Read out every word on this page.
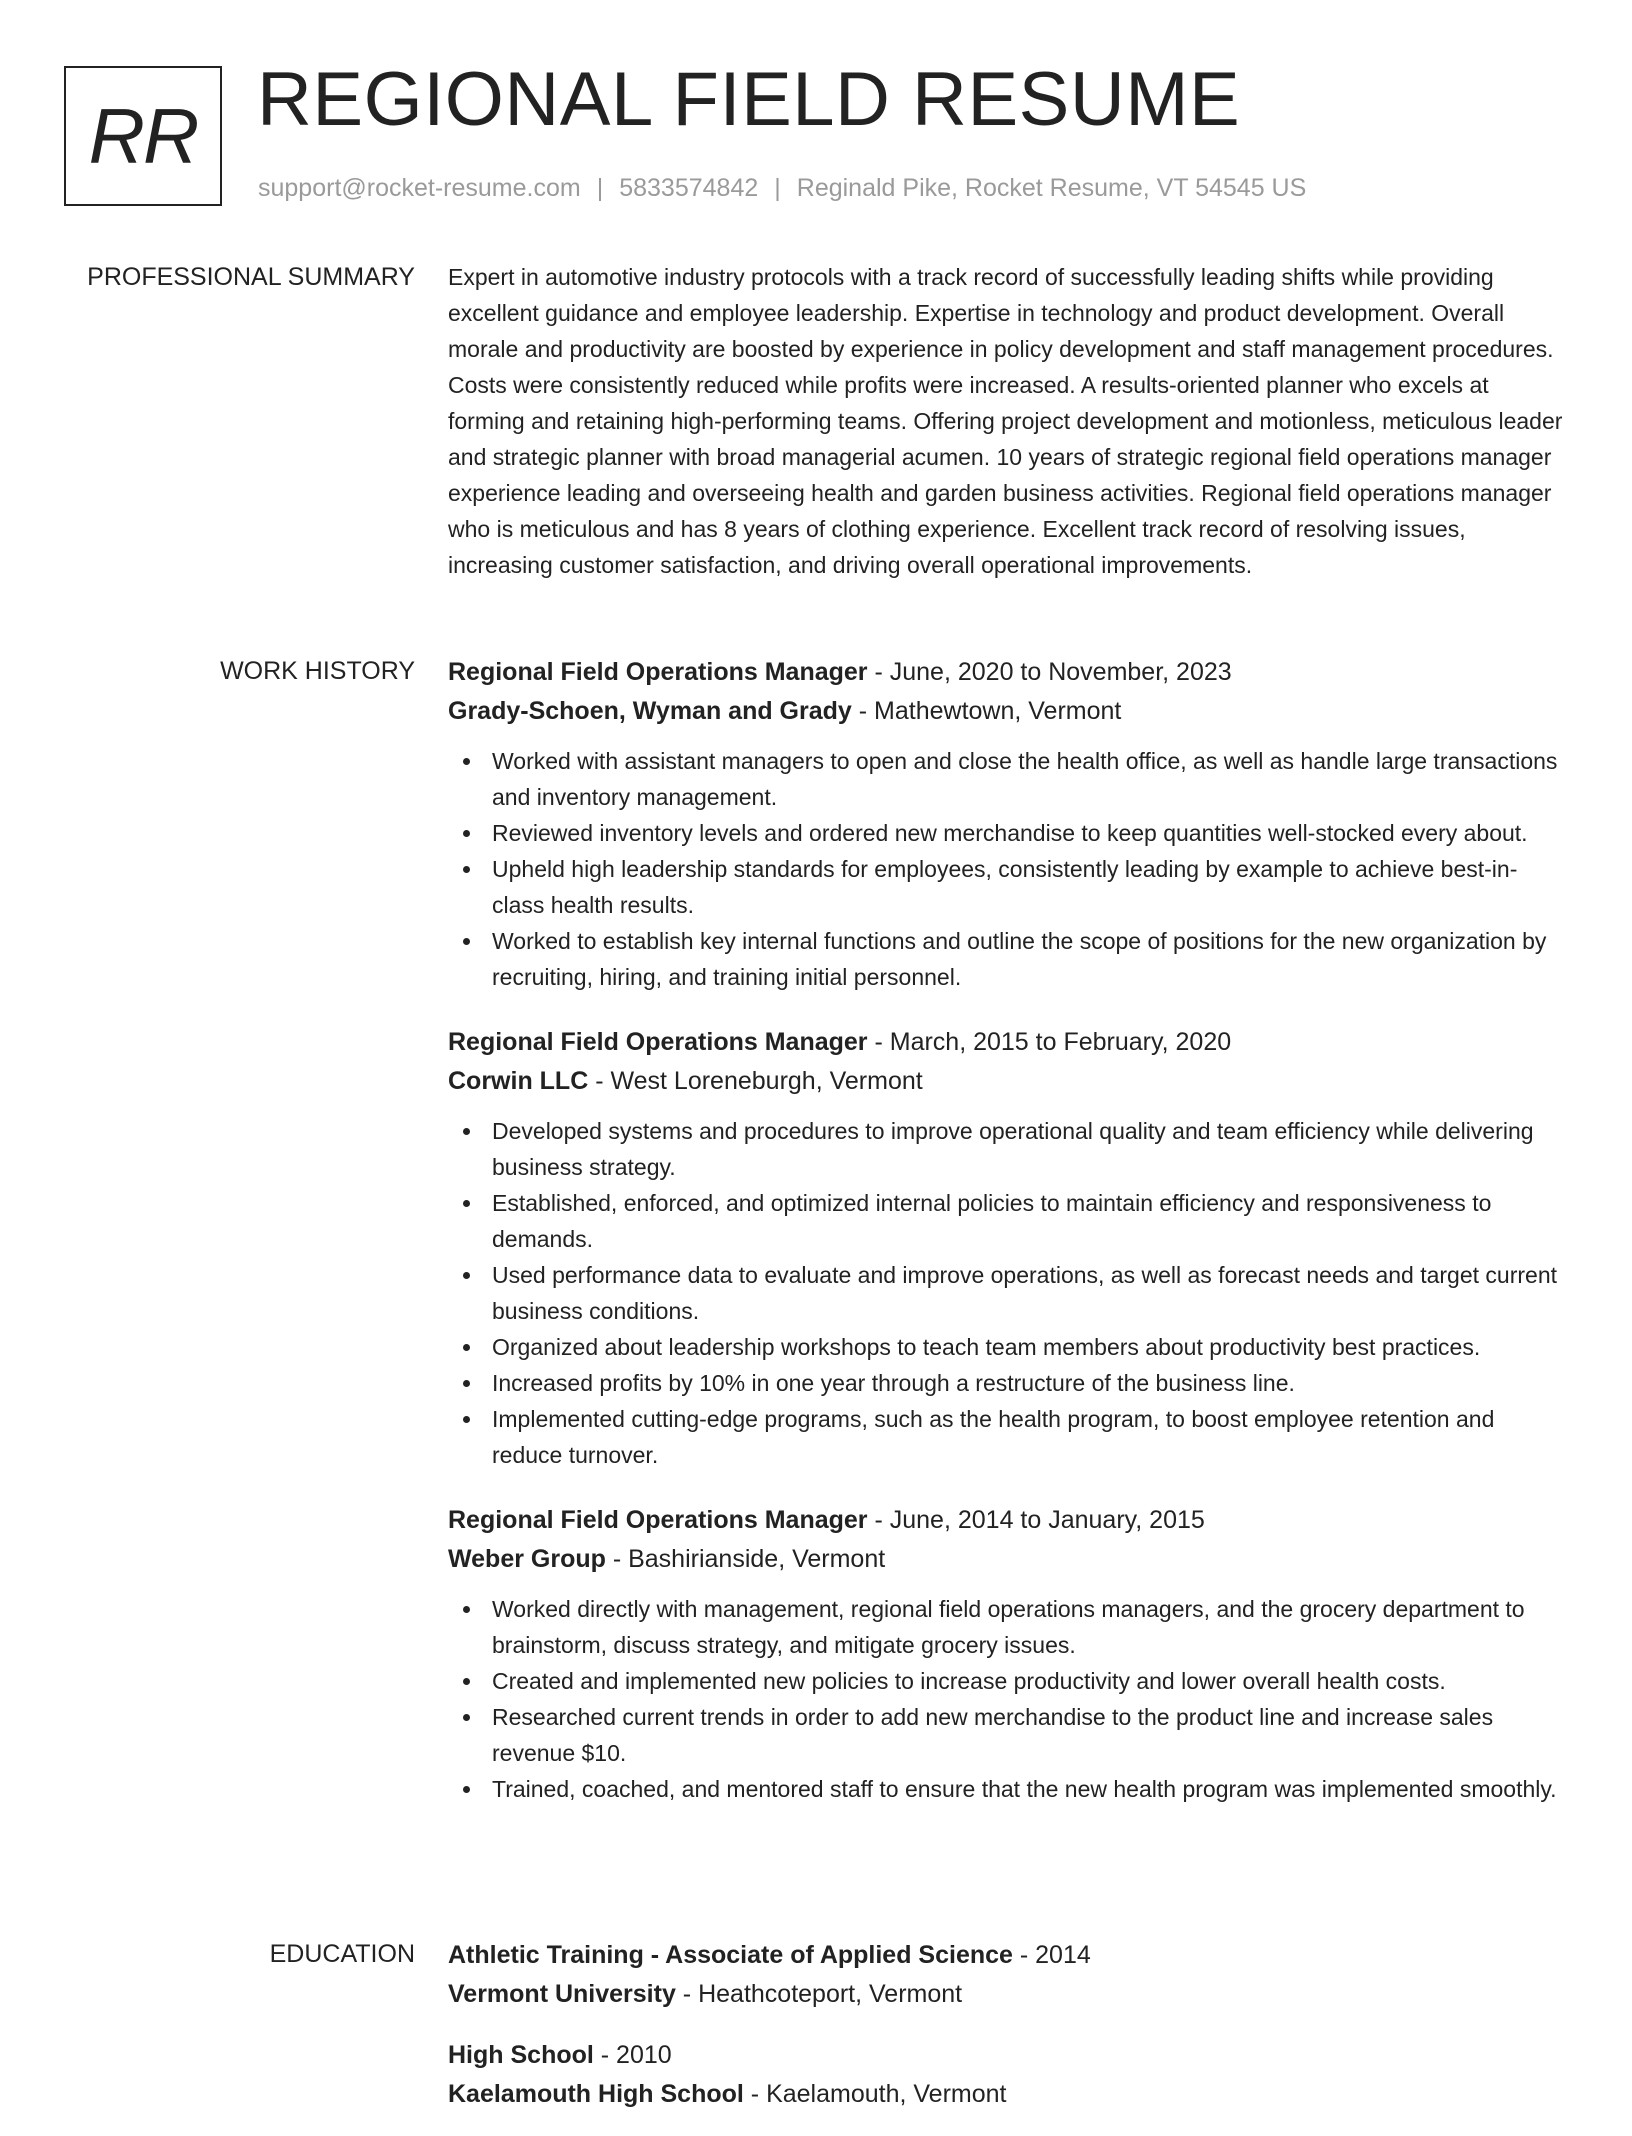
RR REGIONAL FIELD RESUME
support@rocket-resume.com | 5833574842 | Reginald Pike, Rocket Resume, VT 54545 US
PROFESSIONAL SUMMARY Expert in automotive industry protocols with a track record of successfully leading shifts while providing excellent guidance and employee leadership. Expertise in technology and product development. Overall morale and productivity are boosted by experience in policy development and staff management procedures. Costs were consistently reduced while profits were increased. A results-oriented planner who excels at forming and retaining high-performing teams. Offering project development and motionless, meticulous leader and strategic planner with broad managerial acumen. 10 years of strategic regional field operations manager experience leading and overseeing health and garden business activities. Regional field operations manager who is meticulous and has 8 years of clothing experience. Excellent track record of resolving issues, increasing customer satisfaction, and driving overall operational improvements.

WORK HISTORY Regional Field Operations Manager - June, 2020 to November, 2023
Grady-Schoen, Wyman and Grady - Mathewtown, Vermont
Worked with assistant managers to open and close the health office, as well as handle large transactions and inventory management.
Reviewed inventory levels and ordered new merchandise to keep quantities well-stocked every about.
Upheld high leadership standards for employees, consistently leading by example to achieve best-in-class health results.
Worked to establish key internal functions and outline the scope of positions for the new organization by recruiting, hiring, and training initial personnel.
Regional Field Operations Manager - March, 2015 to February, 2020
Corwin LLC - West Loreneburgh, Vermont
Developed systems and procedures to improve operational quality and team efficiency while delivering business strategy.
Established, enforced, and optimized internal policies to maintain efficiency and responsiveness to demands.
Used performance data to evaluate and improve operations, as well as forecast needs and target current business conditions.
Organized about leadership workshops to teach team members about productivity best practices.
Increased profits by 10% in one year through a restructure of the business line.
Implemented cutting-edge programs, such as the health program, to boost employee retention and reduce turnover.
Regional Field Operations Manager - June, 2014 to January, 2015
Weber Group - Bashirianside, Vermont
Worked directly with management, regional field operations managers, and the grocery department to brainstorm, discuss strategy, and mitigate grocery issues.
Created and implemented new policies to increase productivity and lower overall health costs.
Researched current trends in order to add new merchandise to the product line and increase sales revenue $10.
Trained, coached, and mentored staff to ensure that the new health program was implemented smoothly.
EDUCATION Athletic Training - Associate of Applied Science - 2014
Vermont University - Heathcoteport, Vermont
High School - 2010
Kaelamouth High School - Kaelamouth, Vermont
